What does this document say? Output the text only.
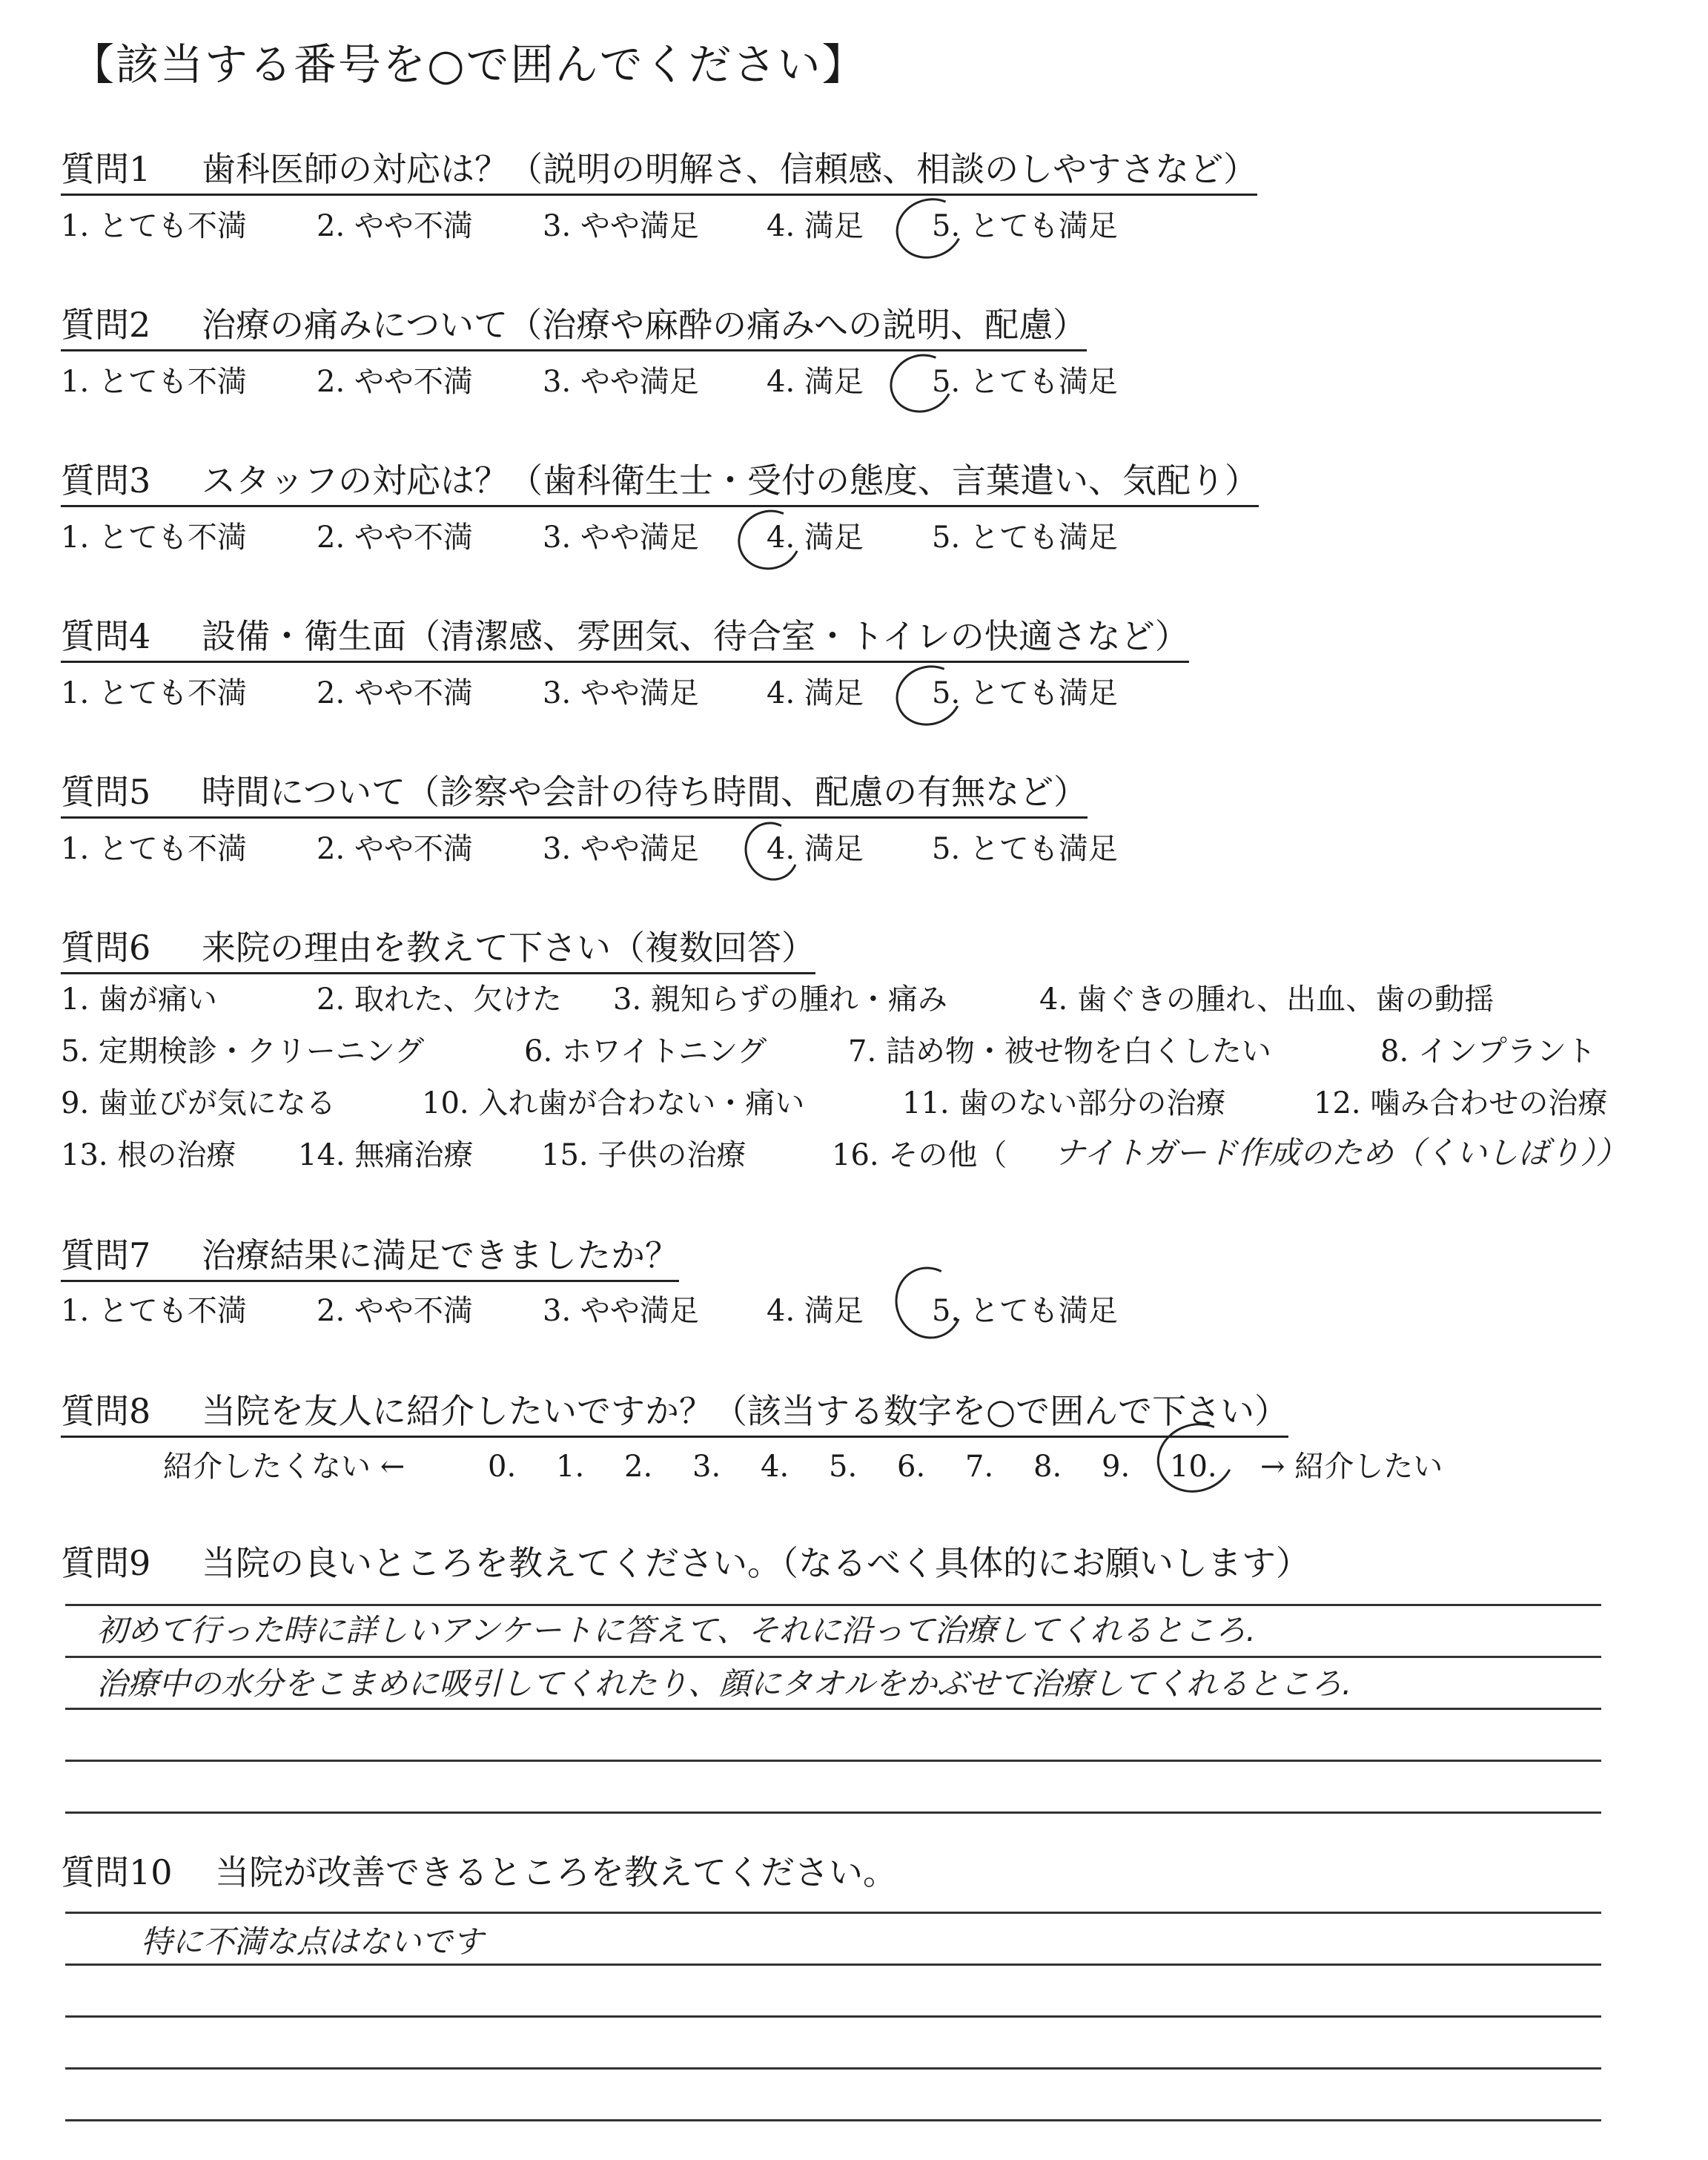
【該当する番号を○で囲んでください】
質問1 歯科医師の対応は？（説明の明解さ、信頼感、相談のしやすさなど）
1. とても不満 2. やや不満 3. やや満足 4. 満足 5. とても満足
質問2 治療の痛みについて（治療や麻酔の痛みへの説明、配慮）
1. とても不満 2. やや不満 3. やや満足 4. 満足 5. とても満足
質問3 スタッフの対応は？（歯科衛生士・受付の態度、言葉遣い、気配り）
1. とても不満 2. やや不満 3. やや満足 4. 満足 5. とても満足
質問4 設備・衛生面（清潔感、雰囲気、待合室・トイレの快適さなど）
1. とても不満 2. やや不満 3. やや満足 4. 満足 5. とても満足
質問5 時間について（診察や会計の待ち時間、配慮の有無など）
1. とても不満 2. やや不満 3. やや満足 4. 満足 5. とても満足
質問6 来院の理由を教えて下さい（複数回答）
1. 歯が痛い	2. 取れた、欠けた 3. 親知らずの腫れ・痛み	4. 歯ぐきの腫れ、出血、歯の動揺
5. 定期検診・クリーニング	6. ホワイトニング	7. 詰め物・被せ物を白くしたい	8. インプラント
9. 歯並びが気になる	10. 入れ歯が合わない・痛い	11. 歯のない部分の治療	12. 噛み合わせの治療
13. 根の治療 14. 無痛治療 15. 子供の治療	16. その他（ ナイトガード作成のため（くいしばり））
質問7 治療結果に満足できましたか？
1. とても不満 2. やや不満 3. やや満足 4. 満足 5. とても満足
質問8 当院を友人に紹介したいですか？（該当する数字を○で囲んで下さい）
紹介したくない ←	0. 1. 2. 3. 4. 5. 6. 7. 8. 9. 10. → 紹介したい
質問9 当院の良いところを教えてください。（なるべく具体的にお願いします）
初めて行った時に詳しいアンケートに答えて、それに沿って治療してくれるところ.
治療中の水分をこまめに吸引してくれたり、顔にタオルをかぶせて治療してくれるところ.
質問10 当院が改善できるところを教えてください。
特に不満な点はないです
